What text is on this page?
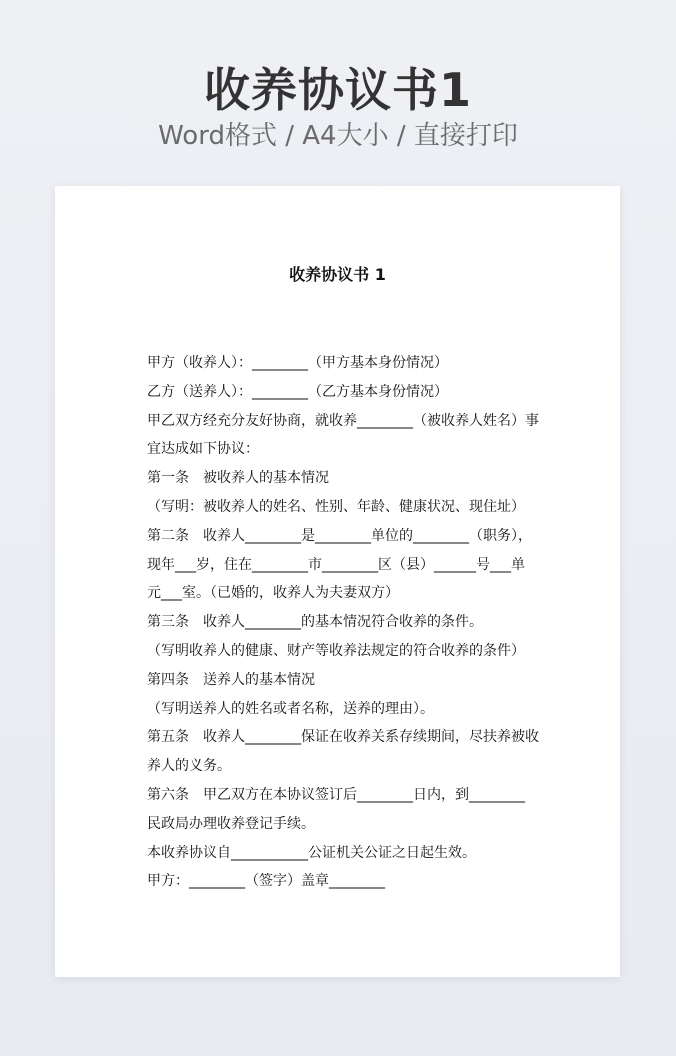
收养协议书1
Word格式 / A4大小 / 直接打印
收养协议书 1
甲方（收养人）：________（甲方基本身份情况）
乙方（送养人）：________（乙方基本身份情况）
甲乙双方经充分友好协商，就收养________（被收养人姓名）事
宜达成如下协议：
第一条　被收养人的基本情况
（写明：被收养人的姓名、性别、年龄、健康状况、现住址）
第二条　收养人________是________单位的________（职务），
现年___岁，住在________市________区（县）______号___单
元___室。（已婚的，收养人为夫妻双方）
第三条　收养人________的基本情况符合收养的条件。
（写明收养人的健康、财产等收养法规定的符合收养的条件）
第四条　送养人的基本情况
（写明送养人的姓名或者名称，送养的理由）。
第五条　收养人________保证在收养关系存续期间，尽扶养被收
养人的义务。
第六条　甲乙双方在本协议签订后________日内，到________
民政局办理收养登记手续。
本收养协议自___________公证机关公证之日起生效。
甲方：________（签字）盖章________
